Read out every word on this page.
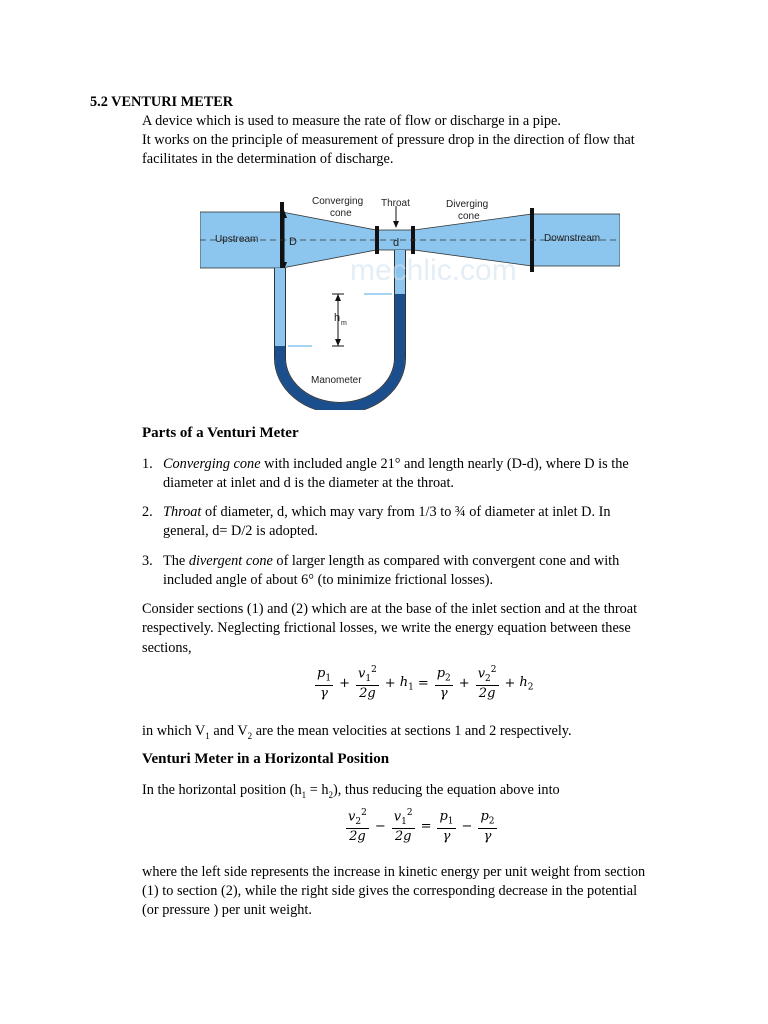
5.2 VENTURI METER
A device which is used to measure the rate of flow or discharge in a pipe.
It works on the principle of measurement of pressure drop in the direction of flow that
facilitates in the determination of discharge.
mechlic.com
Converging
cone
Throat	Diverging
cone
Upstream	Downstream
D	d
h m
Manometer
Parts of a Venturi Meter
1. Converging cone with included angle 21° and length nearly (D-d), where D is the
diameter at inlet and d is the diameter at the throat.
2. Throat of diameter, d, which may vary from 1/3 to ¾ of diameter at inlet D. In
general, d= D/2 is adopted.
3. The divergent cone of larger length as compared with convergent cone and with
included angle of about 6° (to minimize frictional losses).
Consider sections (1) and (2) which are at the base of the inlet section and at the throat
respectively. Neglecting frictional losses, we write the energy equation between these
sections,
$\frac{p_1}{\gamma} + \frac{v_1^2}{2g} + h_1 = \frac{p_2}{\gamma} + \frac{v_2^2}{2g} + h_2$
in which $V_1$ and $V_2$ are the mean velocities at sections 1 and 2 respectively.
Venturi Meter in a Horizontal Position
In the horizontal position $(h_1 = h_2)$, thus reducing the equation above into
$\frac{v_2^2}{2g} - \frac{v_1^2}{2g} = \frac{p_1}{\gamma} - \frac{p_2}{\gamma}$
where the left side represents the increase in kinetic energy per unit weight from section
(1) to section (2), while the right side gives the corresponding decrease in the potential
(or pressure ) per unit weight.
